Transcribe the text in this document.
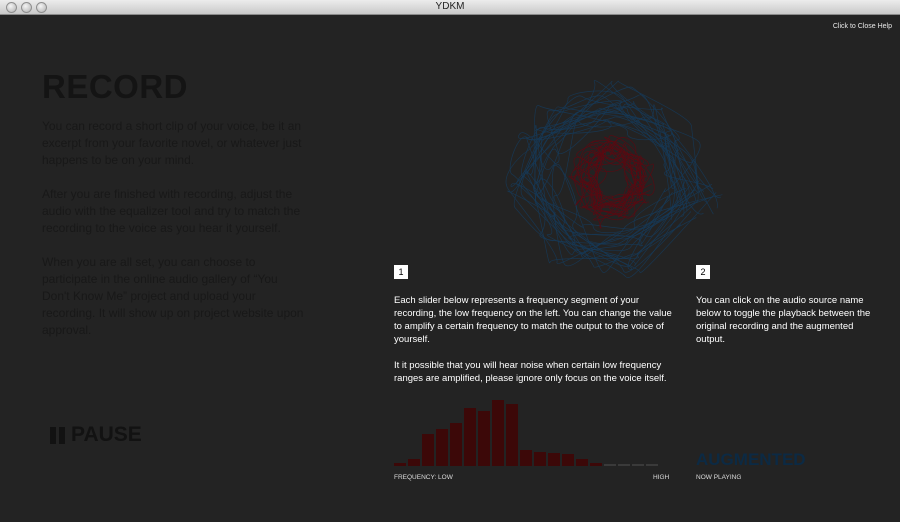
YDKM
Click to Close Help
RECORD

You can record a short clip of your voice, be it an excerpt from your favorite novel, or whatever just happens to be on your mind.

After you are finished with recording, adjust the audio with the equalizer tool and try to match the recording to the voice as you hear it yourself.

When you are all set, you can choose to participate in the online audio gallery of “You Don't Know Me” project and upload your recording. It will show up on project website upon approval.

PAUSE
1

Each slider below represents a frequency segment of your recording, the low frequency on the left. You can change the value to amplify a certain frequency to match the output to the voice of yourself.

It it possible that you will hear noise when certain low frequency ranges are amplified, please ignore only focus on the voice itself.

2
You can click on the audio source name below to toggle the playback between the original recording and the augmented output.
FREQUENCY: LOW	HIGH
AUGMENTED
NOW PLAYING
